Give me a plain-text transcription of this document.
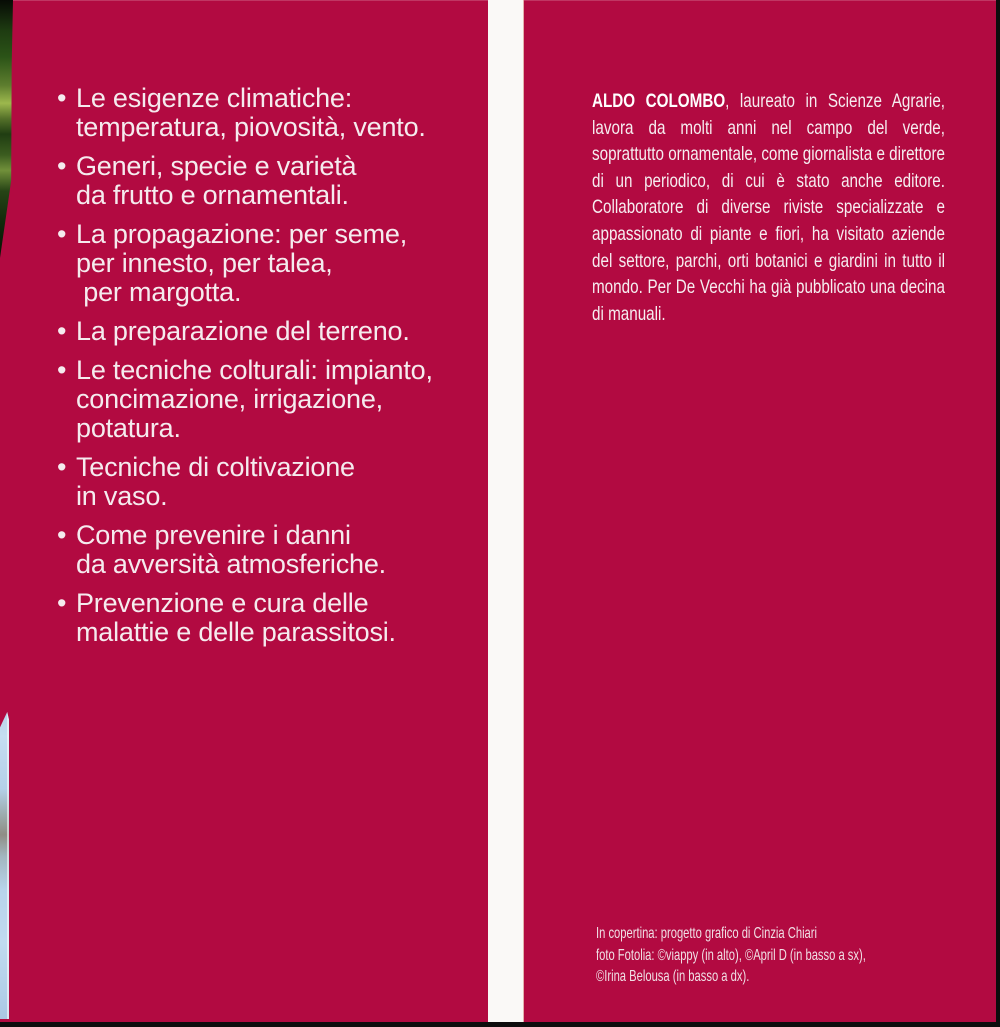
• Le esigenze climatiche:
temperatura, piovosità, vento.
• Generi, specie e varietà
da frutto e ornamentali.
• La propagazione: per seme,
per innesto, per talea,
per margotta.
• La preparazione del terreno.
• Le tecniche colturali: impianto,
concimazione, irrigazione,
potatura.
• Tecniche di coltivazione
in vaso.
• Come prevenire i danni
da avversità atmosferiche.
• Prevenzione e cura delle
malattie e delle parassitosi.
ALDO COLOMBO, laureato in Scienze Agrarie, lavora da molti anni nel campo del verde, soprattutto ornamentale, come giornalista e direttore di un periodico, di cui è stato anche editore. Collaboratore di diverse riviste specializzate e appassionato di piante e fiori, ha visitato aziende del settore, parchi, orti botanici e giardini in tutto il mondo. Per De Vecchi ha già pubblicato una decina di manuali.
In copertina: progetto grafico di Cinzia Chiari
foto Fotolia: ©viappy (in alto), ©April D (in basso a sx),
©Irina Belousa (in basso a dx).
